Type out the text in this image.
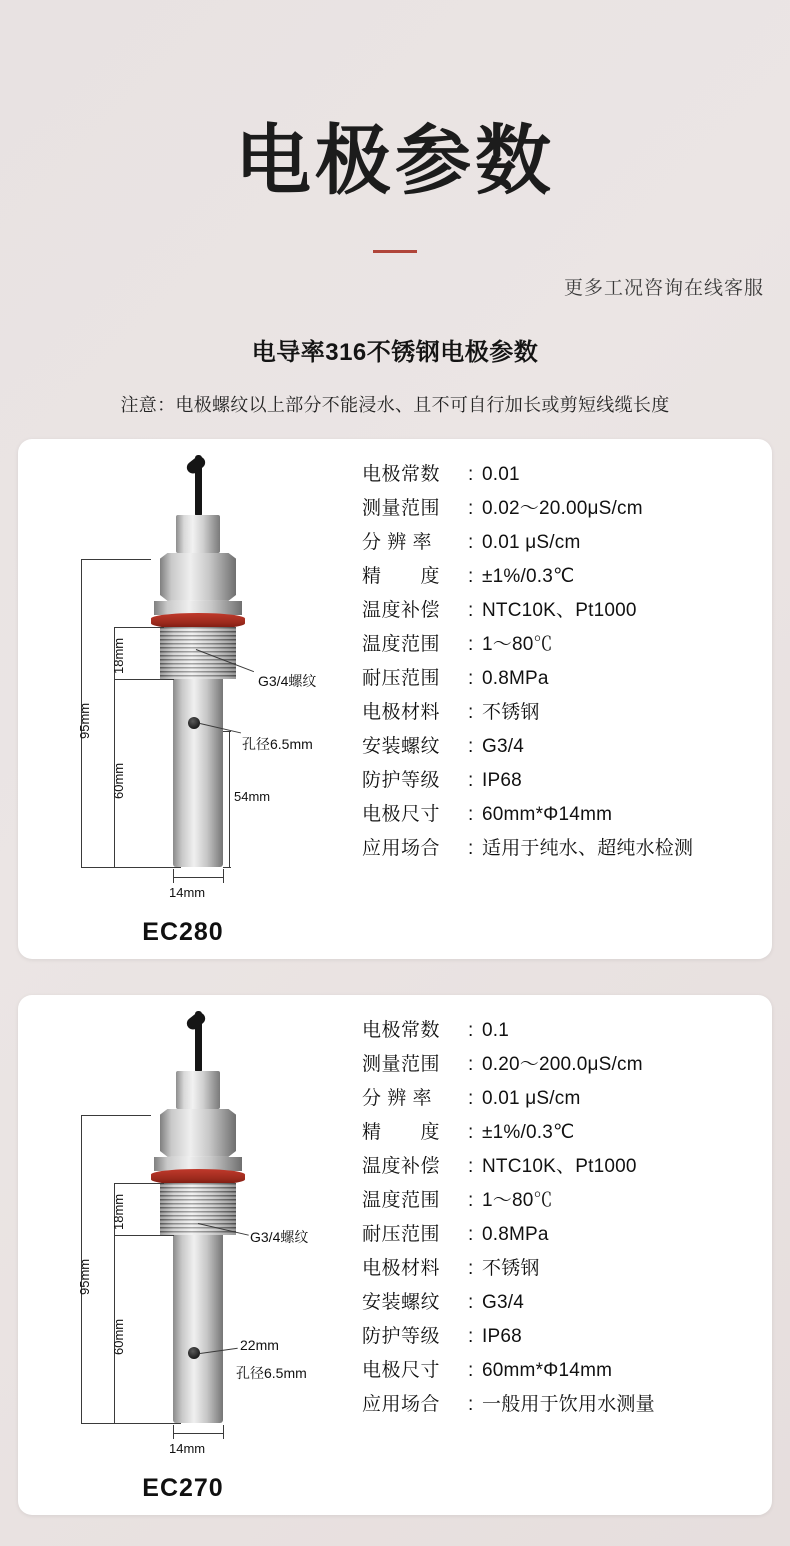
电极参数
更多工况咨询在线客服
电导率316不锈钢电极参数
注意：电极螺纹以上部分不能浸水、且不可自行加长或剪短线缆长度
95mm
18mm
60mm	54mm
14mm
G3/4螺纹
孔径6.5mm
EC280
电极常数	: 0.01
测量范围	: 0.02～20.00μS/cm
分 辨 率	: 0.01 μS/cm
精　　度	: ±1%/0.3℃
温度补偿	: NTC10K、Pt1000
温度范围	: 1～80℃
耐压范围	: 0.8MPa
电极材料	: 不锈钢
安装螺纹	: G3/4
防护等级	: IP68
电极尺寸	: 60mm*Φ14mm
应用场合	: 适用于纯水、超纯水检测
95mm
18mm
60mm
14mm
G3/4螺纹
22mm
孔径6.5mm
EC270
电极常数	: 0.1
测量范围	: 0.20～200.0μS/cm
分 辨 率	: 0.01 μS/cm
精　　度	: ±1%/0.3℃
温度补偿	: NTC10K、Pt1000
温度范围	: 1～80℃
耐压范围	: 0.8MPa
电极材料	: 不锈钢
安装螺纹	: G3/4
防护等级	: IP68
电极尺寸	: 60mm*Φ14mm
应用场合	: 一般用于饮用水测量
